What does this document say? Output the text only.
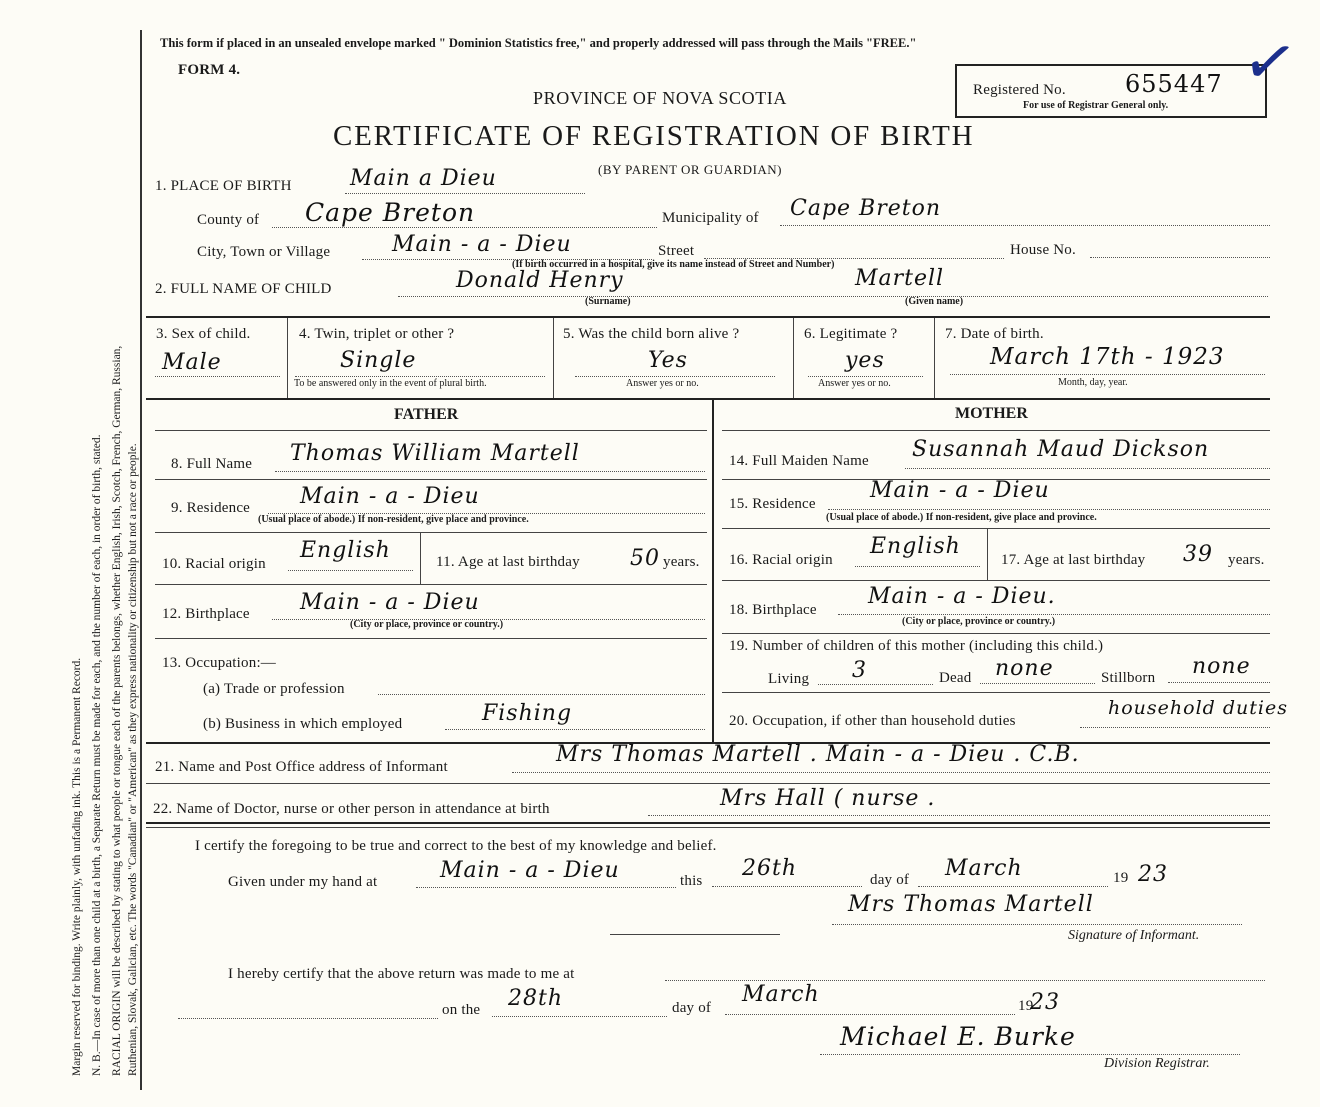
Margin reserved for binding. Write plainly, with unfading ink. This is a Permanent Record. N. B.—In case of more than one child at a birth, a Separate Return must be made for each, and the number of each, in order of birth, stated. RACIAL ORIGIN will be described by stating to what people or tongue each of the parents belongs, whether English, Irish, Scotch, French, German, Russian, Ruthenian, Slovak, Galician, etc. The words "Canadian" or "American" as they express nationality or citizenship but not a race or people.
This form if placed in an unsealed envelope marked " Dominion Statistics free," and properly addressed will pass through the Mails "FREE."
FORM 4.
PROVINCE OF NOVA SCOTIA
CERTIFICATE OF REGISTRATION OF BIRTH
(BY PARENT OR GUARDIAN)
Registered No. 655447
For use of Registrar General only.
✓
1. PLACE OF BIRTH	Main a Dieu
County of Cape Breton	Municipality of Cape Breton
City, Town or Village	Main - a - Dieu	Street	House No.
(If birth occurred in a hospital, give its name instead of Street and Number)
2. FULL NAME OF CHILD	Donald Henry	Martell
(Surname)	(Given name)
3. Sex of child.
Male
4. Twin, triplet or other ?
Single
To be answered only in the event of plural birth.
5. Was the child born alive ?
Yes
Answer yes or no.
6. Legitimate ?
yes
Answer yes or no.
7. Date of birth.
March 17th - 1923
Month, day, year.
FATHER	MOTHER
8. Full Name Thomas William Martell
9. Residence Main - a - Dieu
(Usual place of abode.) If non-resident, give place and province.
10. Racial origin
English	11. Age at last birthday 50 years.
12. Birthplace Main - a - Dieu
(City or place, province or country.)
13. Occupation:—
(a) Trade or profession
(b) Business in which employed	Fishing
14. Full Maiden Name Susannah Maud Dickson
15. Residence
Main - a - Dieu
(Usual place of abode.) If non-resident, give place and province.
16. Racial origin
English
17. Age at last birthday 39 years.
18. Birthplace
Main - a - Dieu.
(City or place, province or country.)
19. Number of children of this mother (including this child.)
Living 3	Dead none	Stillborn none
20. Occupation, if other than household duties
household duties
21. Name and Post Office address of Informant	Mrs Thomas Martell . Main - a - Dieu . C.B.
22. Name of Doctor, nurse or other person in attendance at birth	Mrs Hall ( nurse .
I certify the foregoing to be true and correct to the best of my knowledge and belief.
Given under my hand at	Main - a - Dieu	this 26th	day of March	19 23
Mrs Thomas Martell
Signature of Informant.
I hereby certify that the above return was made to me at
on the 28th	day of
March	19
23
Michael E. Burke
Division Registrar.
